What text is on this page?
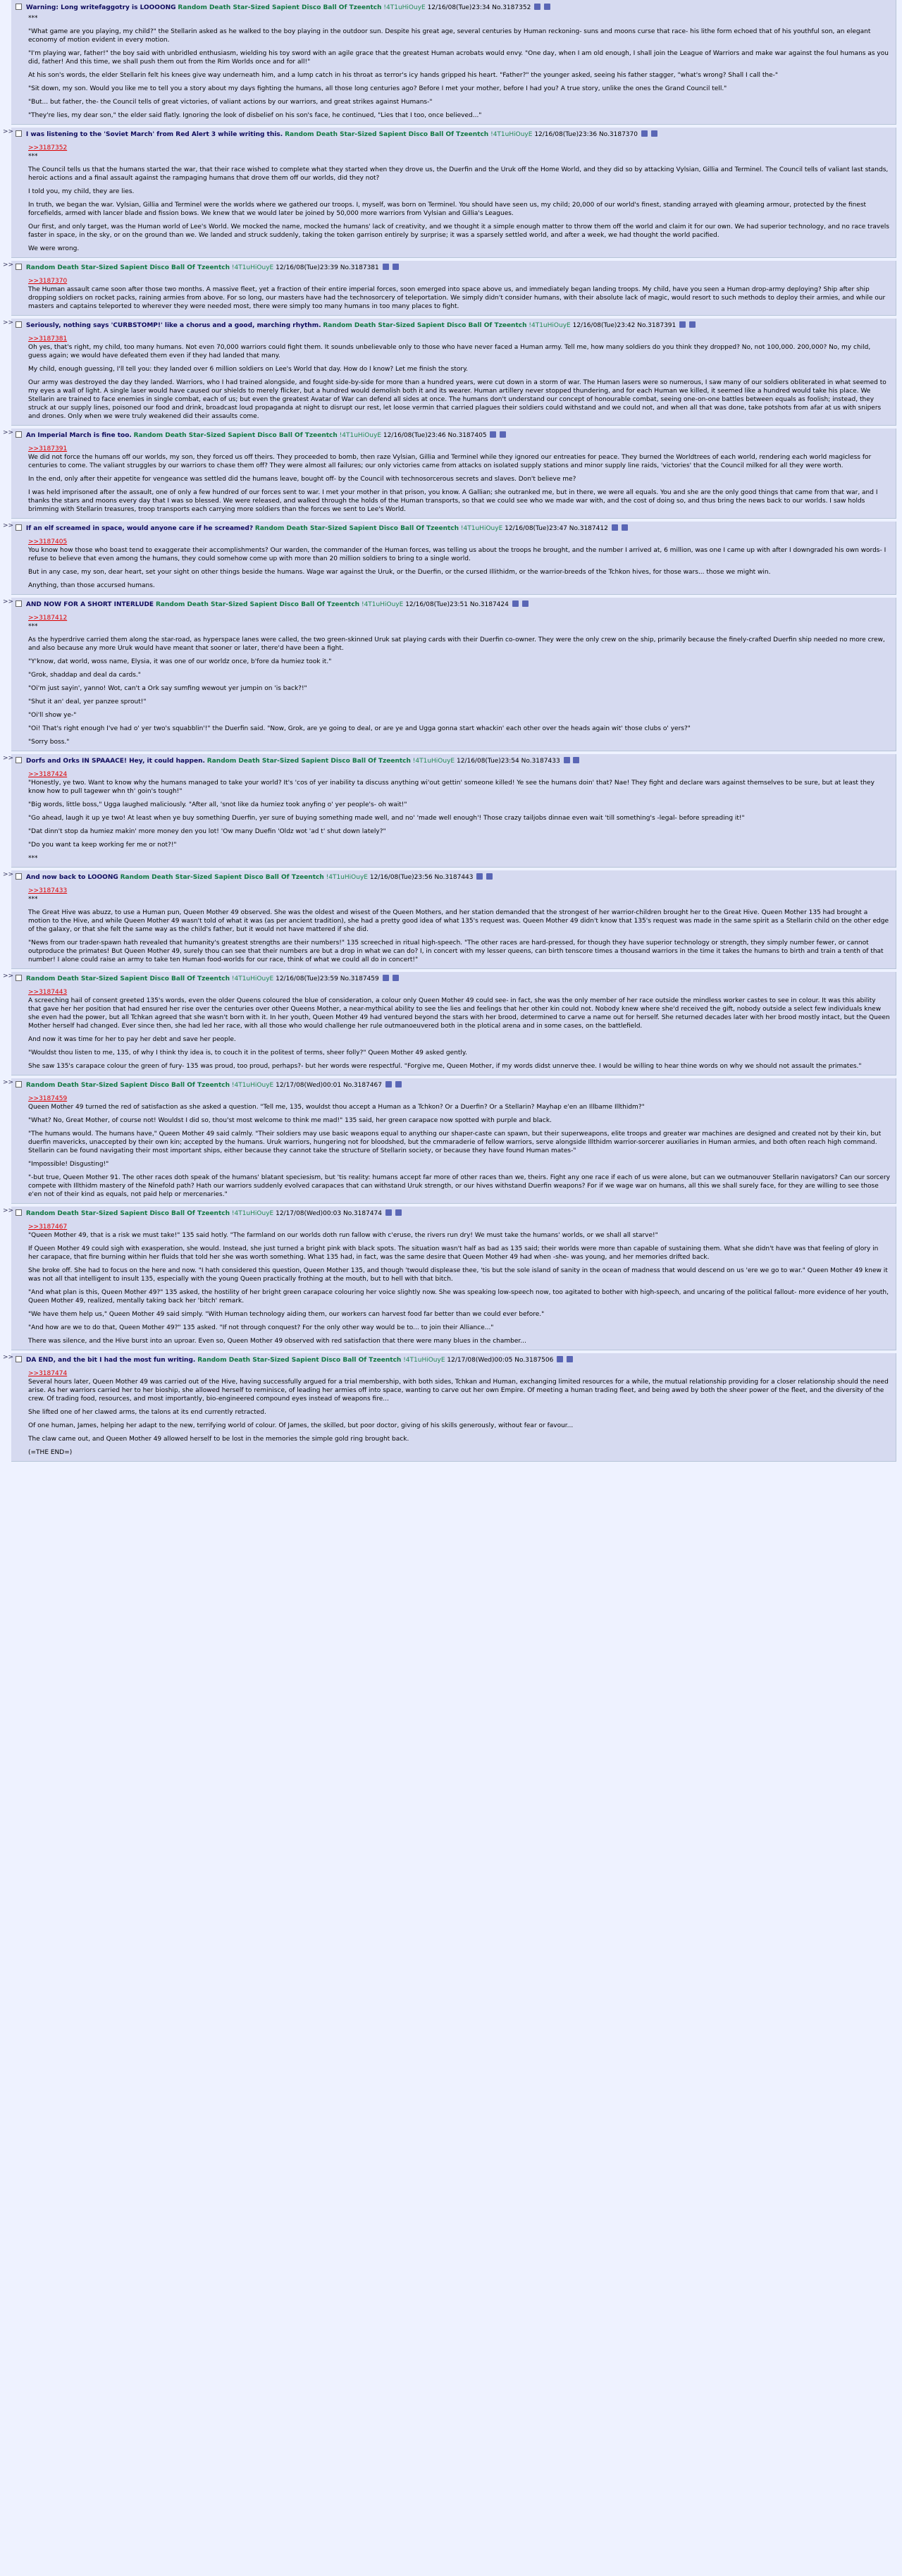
Warning: Long writefaggotry is LOOOONG Random Death Star-Sized Sapient Disco Ball Of Tzeentch !4T1uHiOuyE 12/16/08(Tue)23:34 No.3187352

***

"What game are you playing, my child?" the Stellarin asked as he walked to the boy playing in the outdoor sun. Despite his great age, several centuries by Human reckoning- suns and moons curse that race- his lithe form echoed that of his youthful son, an elegant economy of motion evident in every motion.

"I'm playing war, father!" the boy said with unbridled enthusiasm, wielding his toy sword with an agile grace that the greatest Human acrobats would envy. "One day, when I am old enough, I shall join the League of Warriors and make war against the foul humans as you did, father! And this time, we shall push them out from the Rim Worlds once and for all!"

At his son's words, the elder Stellarin felt his knees give way underneath him, and a lump catch in his throat as terror's icy hands gripped his heart. "Father?" the younger asked, seeing his father stagger, "what's wrong? Shall I call the-"

"Sit down, my son. Would you like me to tell you a story about my days fighting the humans, all those long centuries ago? Before I met your mother, before I had you? A true story, unlike the ones the Grand Council tell."

"But... but father, the- the Council tells of great victories, of valiant actions by our warriors, and great strikes against Humans-"

"They're lies, my dear son," the elder said flatly. Ignoring the look of disbelief on his son's face, he continued, "Lies that I too, once believed..."

>>	I was listening to the 'Soviet March' from Red Alert 3 while writing this. Random Death Star-Sized Sapient Disco Ball Of Tzeentch !4T1uHiOuyE 12/16/08(Tue)23:36 No.3187370
>>3187352

***

The Council tells us that the humans started the war, that their race wished to complete what they started when they drove us, the Duerfin and the Uruk off the Home World, and they did so by attacking Vylsian, Gillia and Terminel. The Council tells of valiant last stands, heroic actions and a final assault against the rampaging humans that drove them off our worlds, did they not?

I told you, my child, they are lies.

In truth, we began the war. Vylsian, Gillia and Terminel were the worlds where we gathered our troops. I, myself, was born on Terminel. You should have seen us, my child; 20,000 of our world's finest, standing arrayed with gleaming armour, protected by the finest forcefields, armed with lancer blade and fission bows. We knew that we would later be joined by 50,000 more warriors from Vylsian and Gillia's Leagues.

Our first, and only target, was the Human world of Lee's World. We mocked the name, mocked the humans' lack of creativity, and we thought it a simple enough matter to throw them off the world and claim it for our own. We had superior technology, and no race travels faster in space, in the sky, or on the ground than we. We landed and struck suddenly, taking the token garrison entirely by surprise; it was a sparsely settled world, and after a week, we had thought the world pacified.

We were wrong.

>>	Random Death Star-Sized Sapient Disco Ball Of Tzeentch !4T1uHiOuyE 12/16/08(Tue)23:39 No.3187381
>>3187370

The Human assault came soon after those two months. A massive fleet, yet a fraction of their entire imperial forces, soon emerged into space above us, and immediately began landing troops. My child, have you seen a Human drop-army deploying? Ship after ship dropping soldiers on rocket packs, raining armies from above. For so long, our masters have had the technosorcery of teleportation. We simply didn't consider humans, with their absolute lack of magic, would resort to such methods to deploy their armies, and while our masters and captains teleported to wherever they were needed most, there were simply too many humans in too many places to fight.

>>	Seriously, nothing says 'CURBSTOMP!' like a chorus and a good, marching rhythm. Random Death Star-Sized Sapient Disco Ball Of Tzeentch !4T1uHiOuyE 12/16/08(Tue)23:42 No.3187391
>>3187381

Oh yes, that's right, my child, too many humans. Not even 70,000 warriors could fight them. It sounds unbelievable only to those who have never faced a Human army. Tell me, how many soldiers do you think they dropped? No, not 100,000. 200,000? No, my child, guess again; we would have defeated them even if they had landed that many.

My child, enough guessing, I'll tell you: they landed over 6 million soldiers on Lee's World that day. How do I know? Let me finish the story.

Our army was destroyed the day they landed. Warriors, who I had trained alongside, and fought side-by-side for more than a hundred years, were cut down in a storm of war. The Human lasers were so numerous, I saw many of our soldiers obliterated in what seemed to my eyes a wall of light. A single laser would have caused our shields to merely flicker, but a hundred would demolish both it and its wearer. Human artillery never stopped thundering, and for each Human we killed, it seemed like a hundred would take his place. We Stellarin are trained to face enemies in single combat, each of us; but even the greatest Avatar of War can defend all sides at once. The humans don't understand our concept of honourable combat, seeing one-on-one battles between equals as foolish; instead, they struck at our supply lines, poisoned our food and drink, broadcast loud propaganda at night to disrupt our rest, let loose vermin that carried plagues their soldiers could withstand and we could not, and when all that was done, take potshots from afar at us with snipers and drones. Only when we were truly weakened did their assaults come.

>>	An Imperial March is fine too. Random Death Star-Sized Sapient Disco Ball Of Tzeentch !4T1uHiOuyE 12/16/08(Tue)23:46 No.3187405
>>3187391

We did not force the humans off our worlds, my son, they forced us off theirs. They proceeded to bomb, then raze Vylsian, Gillia and Terminel while they ignored our entreaties for peace. They burned the Worldtrees of each world, rendering each world magicless for centuries to come. The valiant struggles by our warriors to chase them off? They were almost all failures; our only victories came from attacks on isolated supply stations and minor supply line raids, 'victories' that the Council milked for all they were worth.

In the end, only after their appetite for vengeance was settled did the humans leave, bought off- by the Council with technosorcerous secrets and slaves. Don't believe me?

I was held imprisoned after the assault, one of only a few hundred of our forces sent to war. I met your mother in that prison, you know. A Gallian; she outranked me, but in there, we were all equals. You and she are the only good things that came from that war, and I thanks the stars and moons every day that I was so blessed. We were released, and walked through the holds of the Human transports, so that we could see who we made war with, and the cost of doing so, and thus bring the news back to our worlds. I saw holds brimming with Stellarin treasures, troop transports each carrying more soldiers than the forces we sent to Lee's World.

>>	If an elf screamed in space, would anyone care if he screamed? Random Death Star-Sized Sapient Disco Ball Of Tzeentch !4T1uHiOuyE 12/16/08(Tue)23:47 No.3187412
>>3187405

You know how those who boast tend to exaggerate their accomplishments? Our warden, the commander of the Human forces, was telling us about the troops he brought, and the number I arrived at, 6 million, was one I came up with after I downgraded his own words- I refuse to believe that even among the humans, they could somehow come up with more than 20 million soldiers to bring to a single world.

But in any case, my son, dear heart, set your sight on other things beside the humans. Wage war against the Uruk, or the Duerfin, or the cursed Illithidm, or the warrior-breeds of the Tchkon hives, for those wars... those we might win.

Anything, than those accursed humans.

>>	AND NOW FOR A SHORT INTERLUDE Random Death Star-Sized Sapient Disco Ball Of Tzeentch !4T1uHiOuyE 12/16/08(Tue)23:51 No.3187424
>>3187412

***

As the hyperdrive carried them along the star-road, as hyperspace lanes were called, the two green-skinned Uruk sat playing cards with their Duerfin co-owner. They were the only crew on the ship, primarily because the finely-crafted Duerfin ship needed no more crew, and also because any more Uruk would have meant that sooner or later, there'd have been a fight.

"Y'know, dat world, woss name, Elysia, it was one of our worldz once, b'fore da humiez took it."

"Grok, shaddap and deal da cards."

"Oi'm just sayin', yanno! Wot, can't a Ork say sumfing wewout yer jumpin on 'is back?!"

"Shut it an' deal, yer panzee sprout!"

"Oi'll show ye-"

"Oi! That's right enough I've had o' yer two's squabblin'!" the Duerfin said. "Now, Grok, are ye going to deal, or are ye and Ugga gonna start whackin' each other over the heads again wit' those clubs o' yers?"

"Sorry boss."

>>	Dorfs and Orks IN SPAAACE! Hey, it could happen. Random Death Star-Sized Sapient Disco Ball Of Tzeentch !4T1uHiOuyE 12/16/08(Tue)23:54 No.3187433
>>3187424

"Honestly, ye two. Want to know why the humans managed to take your world? It's 'cos of yer inability ta discuss anything wi'out gettin' someone killed! Ye see the humans doin' that? Nae! They fight and declare wars against themselves to be sure, but at least they know how to pull tagewer whn th' goin's tough!"

"Big words, little boss," Ugga laughed maliciously. "After all, 'snot like da humiez took anyfing o' yer people's- oh wait!"

"Go ahead, laugh it up ye two! At least when ye buy something Duerfin, yer sure of buying something made well, and no' 'made well enough'! Those crazy tailjobs dinnae even wait 'till something's -legal- before spreading it!"

"Dat dinn't stop da humiez makin' more money den you lot! 'Ow many Duefin 'Oldz wot 'ad t' shut down lately?"

"Do you want ta keep working fer me or not?!"

***

>>	And now back to LOOONG Random Death Star-Sized Sapient Disco Ball Of Tzeentch !4T1uHiOuyE 12/16/08(Tue)23:56 No.3187443
>>3187433

***

The Great Hive was abuzz, to use a Human pun, Queen Mother 49 observed. She was the oldest and wisest of the Queen Mothers, and her station demanded that the strongest of her warrior-children brought her to the Great Hive. Queen Mother 135 had brought a motion to the Hive, and while Queen Mother 49 wasn't told of what it was (as per ancient tradition), she had a pretty good idea of what 135's request was. Queen Mother 49 didn't know that 135's request was made in the same spirit as a Stellarin child on the other edge of the galaxy, or that she felt the same way as the child's father, but it would not have mattered if she did.

"News from our trader-spawn hath revealed that humanity's greatest strengths are their numbers!" 135 screeched in ritual high-speech. "The other races are hard-pressed, for though they have superior technology or strength, they simply number fewer, or cannot outproduce the primates! But Queen Mother 49, surely thou can see that their numbers are but a drop in what we can do? I, in concert with my lesser queens, can birth tenscore times a thousand warriors in the time it takes the humans to birth and train a tenth of that number! I alone could raise an army to take ten Human food-worlds for our race, think of what we could all do in concert!"

>>	Random Death Star-Sized Sapient Disco Ball Of Tzeentch !4T1uHiOuyE 12/16/08(Tue)23:59 No.3187459
>>3187443

A screeching hail of consent greeted 135's words, even the older Queens coloured the blue of consideration, a colour only Queen Mother 49 could see- in fact, she was the only member of her race outside the mindless worker castes to see in colour. It was this ability that gave her her position that had ensured her rise over the centuries over other Queens Mother, a near-mythical ability to see the lies and feelings that her other kin could not. Nobody knew where she'd received the gift, nobody outside a select few individuals knew she even had the power, but all Tchkan agreed that she wasn't born with it. In her youth, Queen Mother 49 had ventured beyond the stars with her brood, determined to carve a name out for herself. She returned decades later with her brood mostly intact, but the Queen Mother herself had changed. Ever since then, she had led her race, with all those who would challenge her rule outmanoeuvered both in the plotical arena and in some cases, on the battlefield.

And now it was time for her to pay her debt and save her people.

"Wouldst thou listen to me, 135, of why I think thy idea is, to couch it in the politest of terms, sheer folly?" Queen Mother 49 asked gently.

She saw 135's carapace colour the green of fury- 135 was proud, too proud, perhaps?- but her words were respectful. "Forgive me, Queen Mother, if my words didst unnerve thee. I would be willing to hear thine words on why we should not assault the primates."

>>	Random Death Star-Sized Sapient Disco Ball Of Tzeentch !4T1uHiOuyE 12/17/08(Wed)00:01 No.3187467
>>3187459

Queen Mother 49 turned the red of satisfaction as she asked a question. "Tell me, 135, wouldst thou accept a Human as a Tchkon? Or a Duerfin? Or a Stellarin? Mayhap e'en an Illbame Illthidm?"

"What? No, Great Mother, of course not! Wouldst I did so, thou'st most welcome to think me mad!" 135 said, her green carapace now spotted with purple and black.

"The humans would. The humans have," Queen Mother 49 said calmly. "Their soldiers may use basic weapons equal to anything our shaper-caste can spawn, but their superweapons, elite troops and greater war machines are designed and created not by their kin, but duerfin mavericks, unaccepted by their own kin; accepted by the humans. Uruk warriors, hungering not for bloodshed, but the cmmaraderie of fellow warriors, serve alongside Illthidm warrior-sorcerer auxiliaries in Human armies, and both often reach high command. Stellarin can be found navigating their most important ships, either because they cannot take the structure of Stellarin society, or because they have found Human mates-"

"Impossible! Disgusting!"

"-but true, Queen Mother 91. The other races doth speak of the humans' blatant speciesism, but 'tis reality: humans accept far more of other races than we, theirs. Fight any one race if each of us were alone, but can we outmanouver Stellarin navigators? Can our sorcery compete with Illthidm mastery of the Ninefold path? Hath our warriors suddenly evolved carapaces that can withstand Uruk strength, or our hives withstand Duerfin weapons? For if we wage war on humans, all this we shall surely face, for they are willing to see those e'en not of their kind as equals, not paid help or mercenaries."

>>	Random Death Star-Sized Sapient Disco Ball Of Tzeentch !4T1uHiOuyE 12/17/08(Wed)00:03 No.3187474
>>3187467

"Queen Mother 49, that is a risk we must take!" 135 said hotly. "The farmland on our worlds doth run fallow with c'eruse, the rivers run dry! We must take the humans' worlds, or we shall all starve!"

If Queen Mother 49 could sigh with exasperation, she would. Instead, she just turned a bright pink with black spots. The situation wasn't half as bad as 135 said; their worlds were more than capable of sustaining them. What she didn't have was that feeling of glory in her carapace, that fire burning within her fluids that told her she was worth something. What 135 had, in fact, was the same desire that Queen Mother 49 had when -she- was young, and her memories drifted back.

She broke off. She had to focus on the here and now. "I hath considered this question, Queen Mother 135, and though 'twould displease thee, 'tis but the sole island of sanity in the ocean of madness that would descend on us 'ere we go to war." Queen Mother 49 knew it was not all that intelligent to insult 135, especially with the young Queen practically frothing at the mouth, but to hell with that bitch.

"And what plan is this, Queen Mother 49?" 135 asked, the hostility of her bright green carapace colouring her voice slightly now. She was speaking low-speech now, too agitated to bother with high-speech, and uncaring of the political fallout- more evidence of her youth, Queen Mother 49, realized, mentally taking back her 'bitch' remark.

"We have them help us," Queen Mother 49 said simply. "With Human technology aiding them, our workers can harvest food far better than we could ever before."

"And how are we to do that, Queen Mother 49?" 135 asked. "If not through conquest? For the only other way would be to... to join their Alliance..."

There was silence, and the Hive burst into an uproar. Even so, Queen Mother 49 observed with red satisfaction that there were many blues in the chamber...

>>	DA END, and the bit I had the most fun writing. Random Death Star-Sized Sapient Disco Ball Of Tzeentch !4T1uHiOuyE 12/17/08(Wed)00:05 No.3187506
>>3187474

Several hours later, Queen Mother 49 was carried out of the Hive, having successfully argued for a trial membership, with both sides, Tchkan and Human, exchanging limited resources for a while, the mutual relationship providing for a closer relationship should the need arise. As her warriors carried her to her bioship, she allowed herself to reminisce, of leading her armies off into space, wanting to carve out her own Empire. Of meeting a human trading fleet, and being awed by both the sheer power of the fleet, and the diversity of the crew. Of trading food, resources, and most importantly, bio-engineered compound eyes instead of weapons fire...

She lifted one of her clawed arms, the talons at its end currently retracted.

Of one human, James, helping her adapt to the new, terrifying world of colour. Of James, the skilled, but poor doctor, giving of his skills generously, without fear or favour...

The claw came out, and Queen Mother 49 allowed herself to be lost in the memories the simple gold ring brought back.

(=THE END=)
